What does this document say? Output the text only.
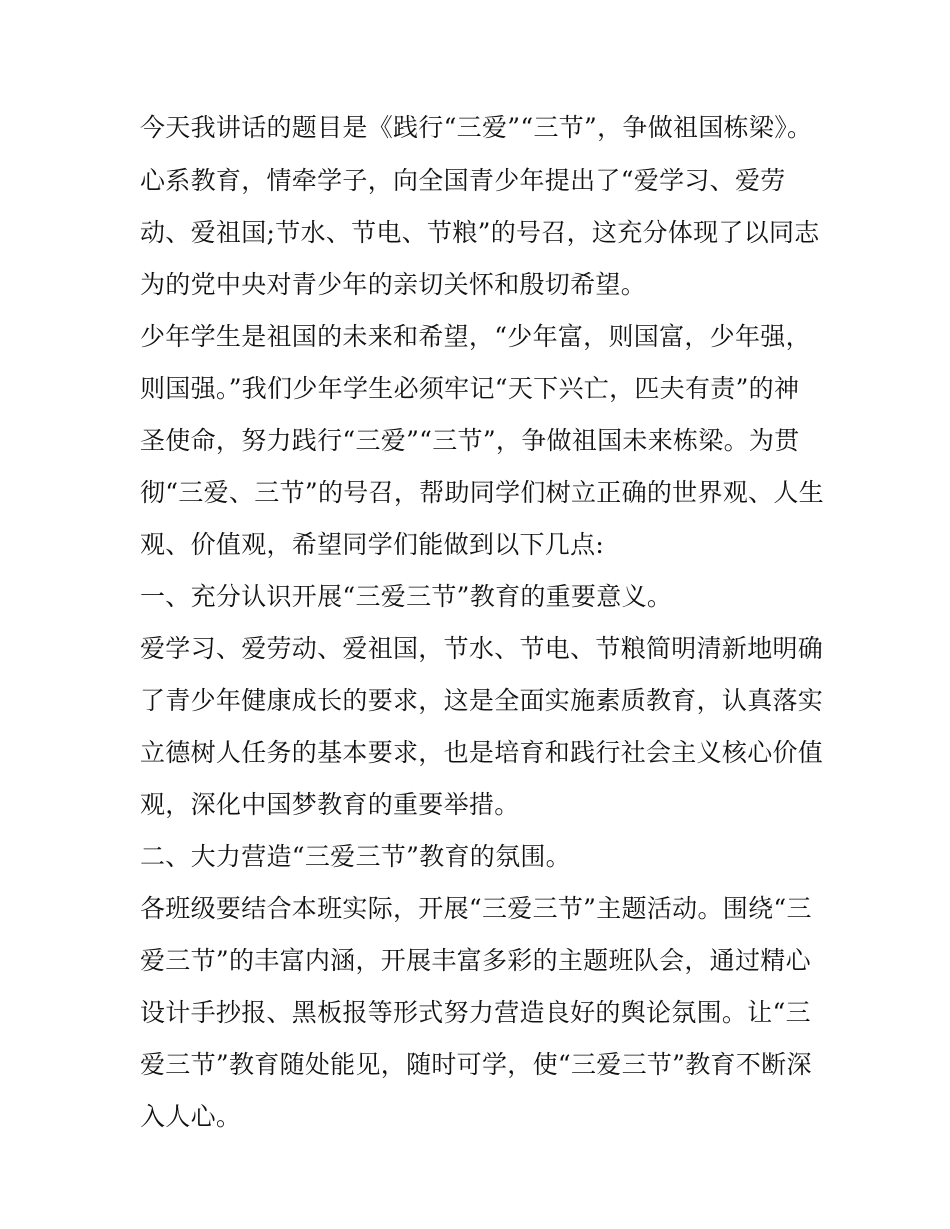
今天我讲话的题目是《践行“三爱”“三节”，争做祖国栋梁》。
心系教育，情牵学子，向全国青少年提出了“爱学习、爱劳
动、爱祖国;节水、节电、节粮”的号召，这充分体现了以同志
为的党中央对青少年的亲切关怀和殷切希望。
少年学生是祖国的未来和希望，“少年富，则国富，少年强，
则国强。”我们少年学生必须牢记“天下兴亡，匹夫有责”的神
圣使命，努力践行“三爱”“三节”，争做祖国未来栋梁。为贯
彻“三爱、三节”的号召，帮助同学们树立正确的世界观、人生
观、价值观，希望同学们能做到以下几点:
一、充分认识开展“三爱三节”教育的重要意义。
爱学习、爱劳动、爱祖国，节水、节电、节粮简明清新地明确
了青少年健康成长的要求，这是全面实施素质教育，认真落实
立德树人任务的基本要求，也是培育和践行社会主义核心价值
观，深化中国梦教育的重要举措。
二、大力营造“三爱三节”教育的氛围。
各班级要结合本班实际，开展“三爱三节”主题活动。围绕“三
爱三节”的丰富内涵，开展丰富多彩的主题班队会，通过精心
设计手抄报、黑板报等形式努力营造良好的舆论氛围。让“三
爱三节”教育随处能见，随时可学，使“三爱三节”教育不断深
入人心。
